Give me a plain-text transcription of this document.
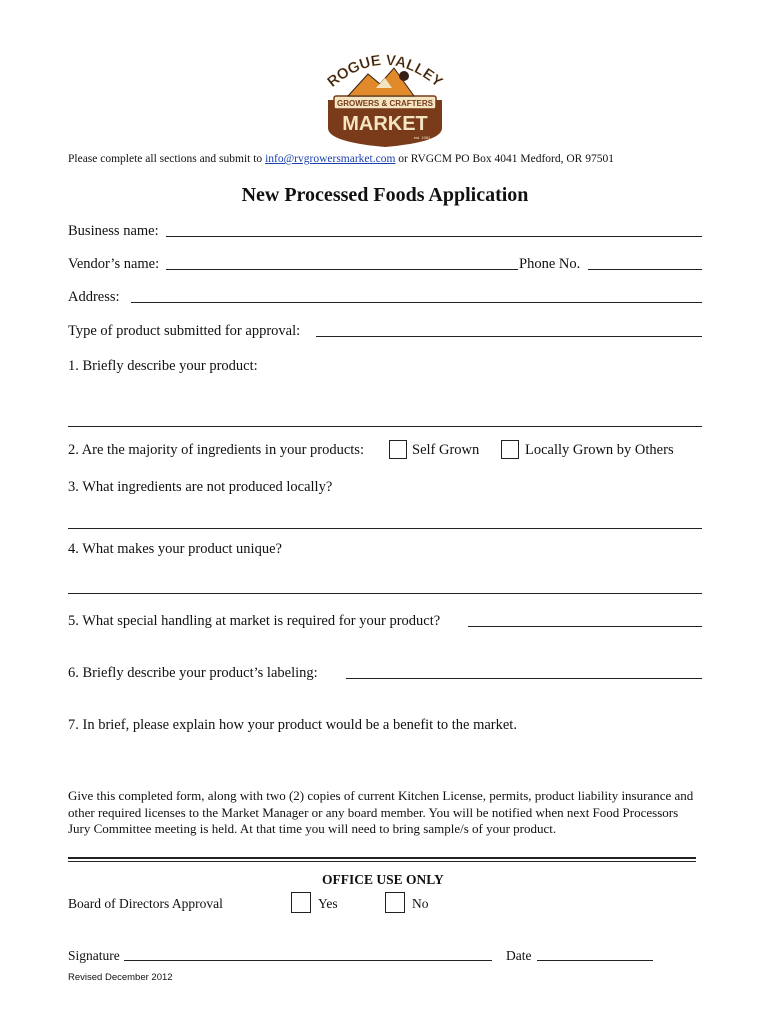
ROGUE VALLEY
GROWERS & CRAFTERS
MARKET
est. 1981
Please complete all sections and submit to info@rvgrowersmarket.com or RVGCM PO Box 4041 Medford, OR 97501
New Processed Foods Application
Business name:
Vendor’s name:	Phone No.
Address:
Type of product submitted for approval:
1. Briefly describe your product:
2. Are the majority of ingredients in your products:	Self Grown	Locally Grown by Others
3. What ingredients are not produced locally?
4. What makes your product unique?
5. What special handling at market is required for your product?
6. Briefly describe your product’s labeling:
7. In brief, please explain how your product would be a benefit to the market.
Give this completed form, along with two (2) copies of current Kitchen License, permits, product liability insurance and other required licenses to the Market Manager or any board member. You will be notified when next Food Processors Jury Committee meeting is held. At that time you will need to bring sample/s of your product.
OFFICE USE ONLY
Board of Directors Approval	Yes	No
Signature	Date
Revised December 2012
